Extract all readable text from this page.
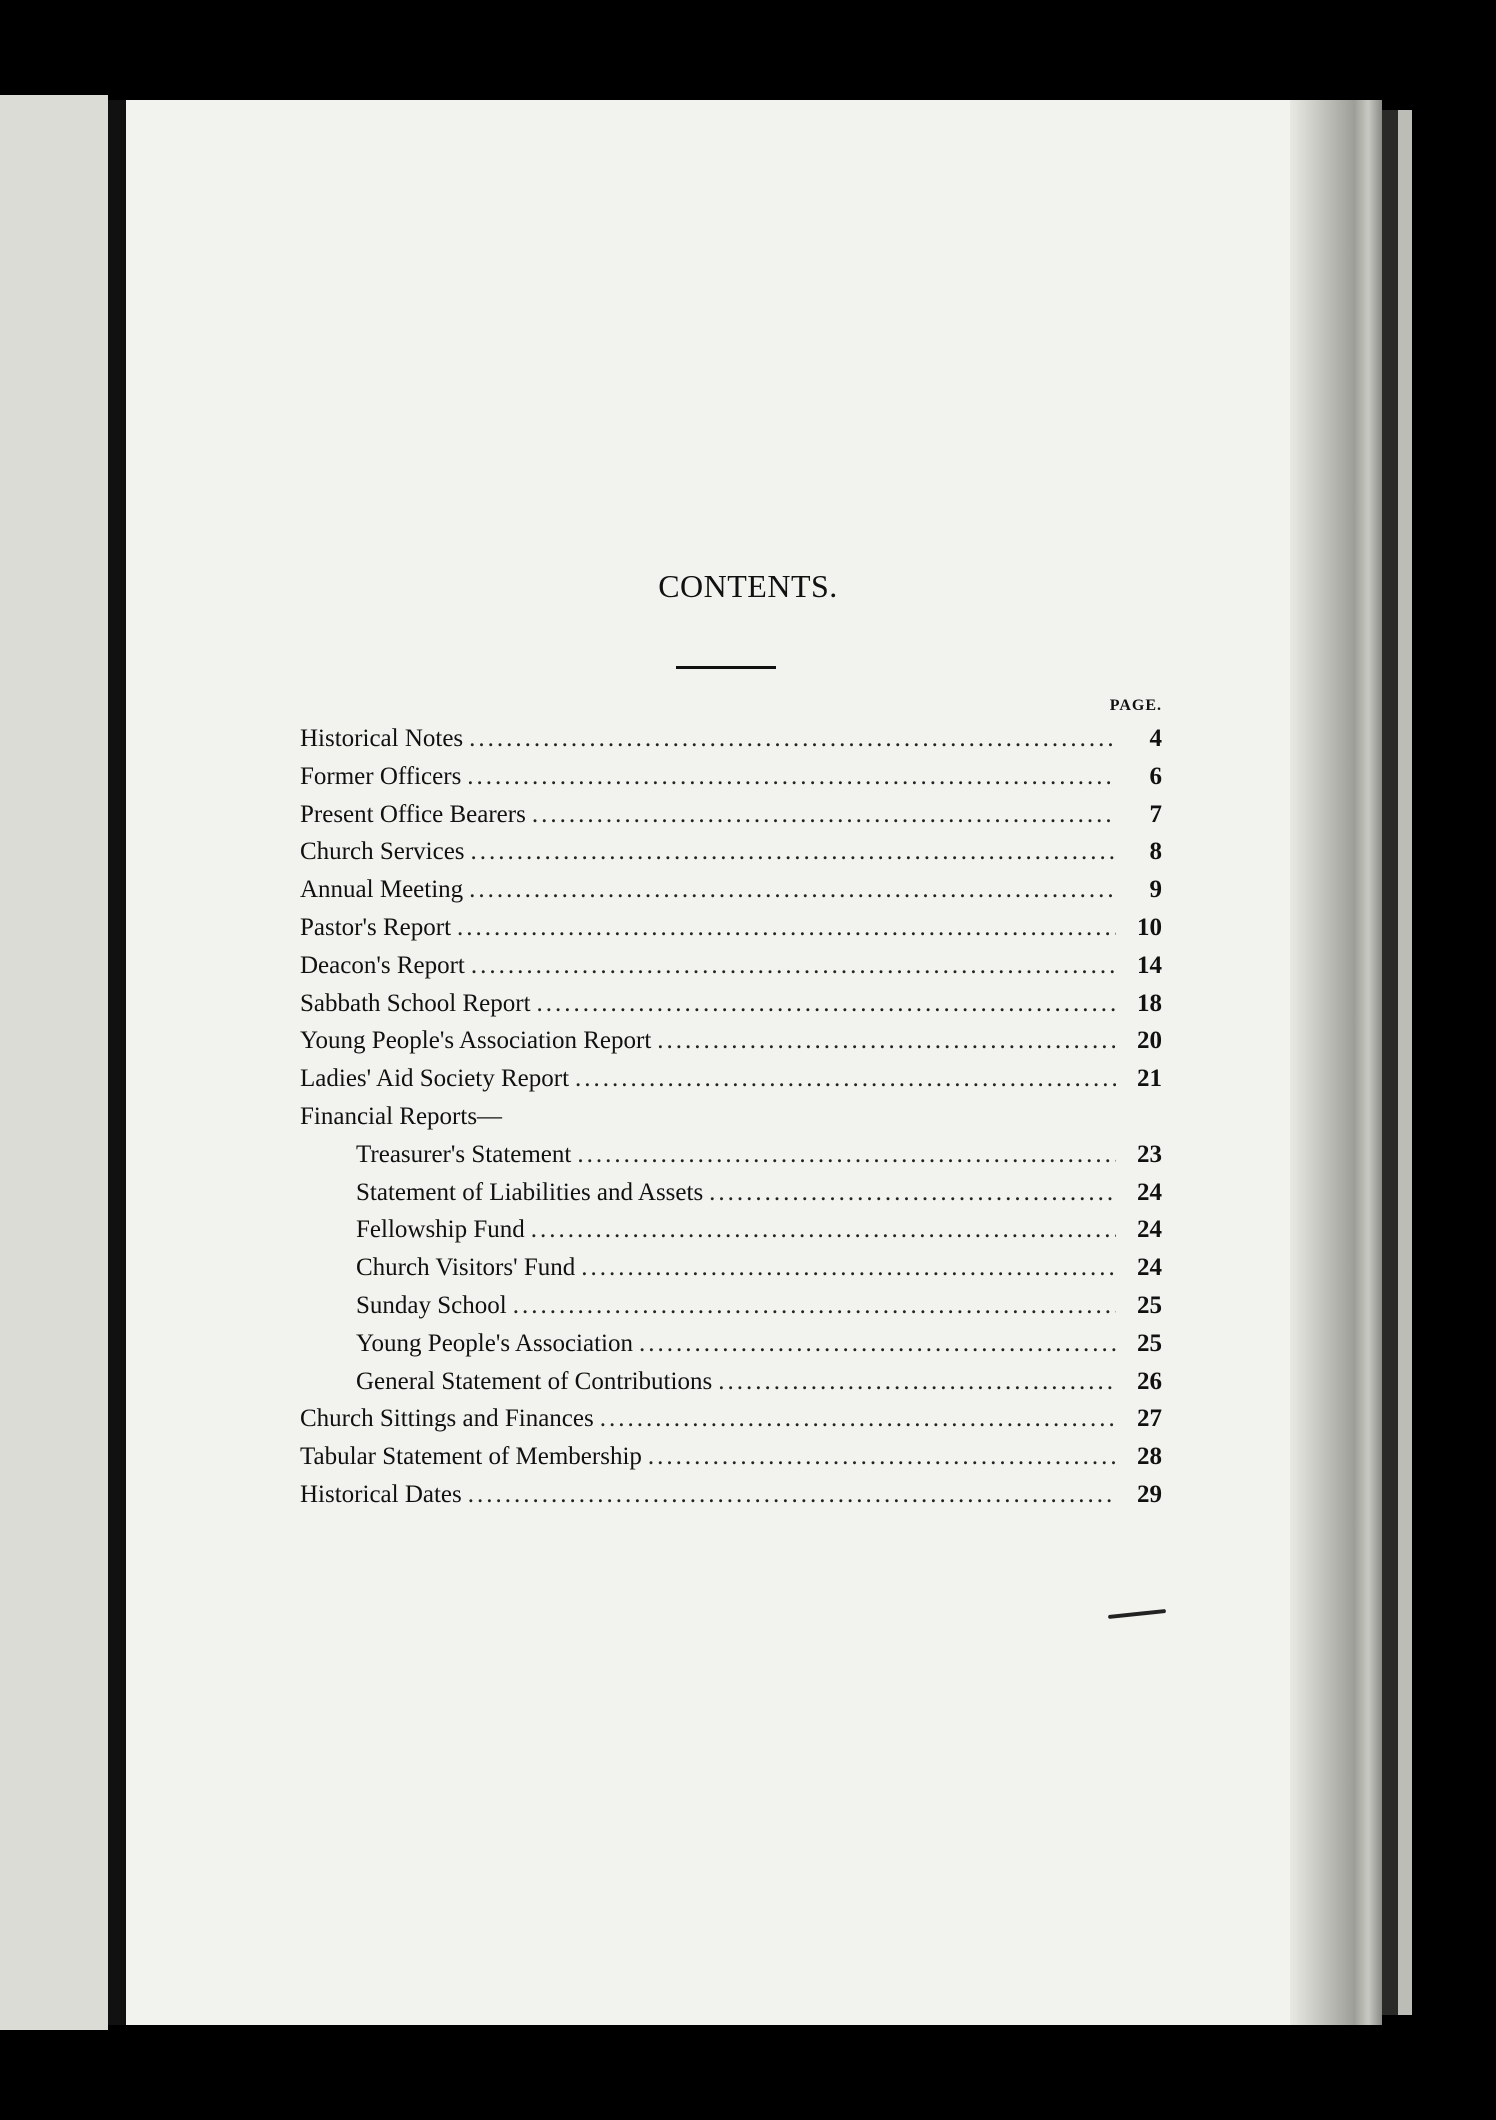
CONTENTS.
PAGE.
Historical Notes .....	4
Former Officers .....	6
Present Office Bearers .....	7
Church Services .....	8
Annual Meeting .....	9
Pastor's Report .....	10
Deacon's Report .....	14
Sabbath School Report .....	18
Young People's Association Report .....	20
Ladies' Aid Society Report .....	21
Financial Reports—
Treasurer's Statement .....	23
Statement of Liabilities and Assets .....	24
Fellowship Fund .....	24
Church Visitors' Fund .....	24
Sunday School .....	25
Young People's Association .....	25
General Statement of Contributions .....	26
Church Sittings and Finances .....	27
Tabular Statement of Membership .....	28
Historical Dates .....	29
